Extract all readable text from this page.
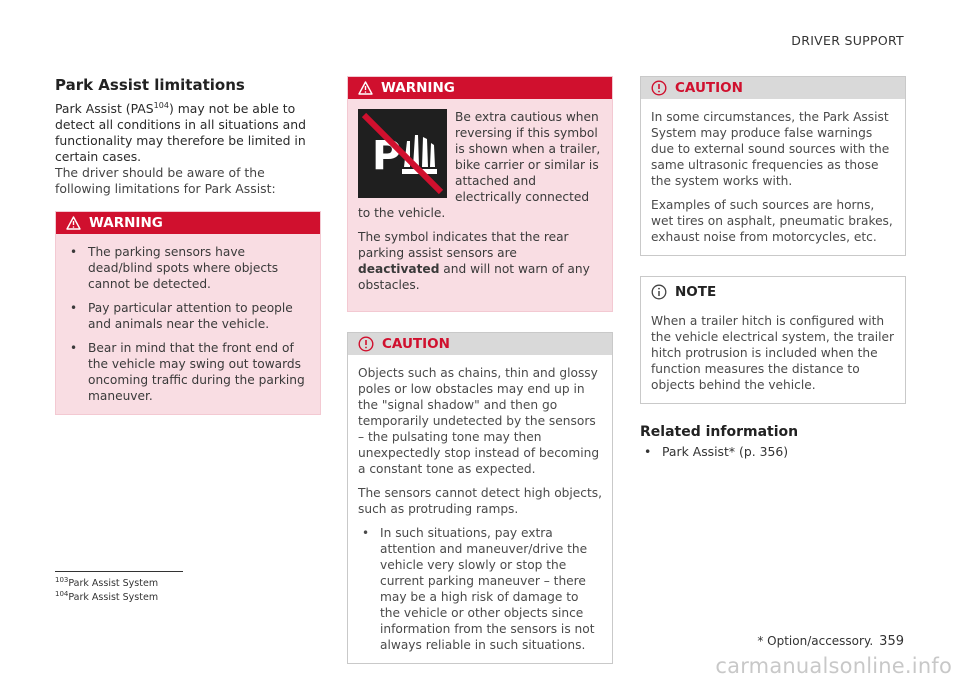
DRIVER SUPPORT
Park Assist limitations

Park Assist (PAS$^{104}$) may not be able to detect all conditions in all situations and functionality may therefore be limited in certain cases.

The driver should be aware of the following limitations for Park Assist:

WARNING
• The parking sensors have dead/blind spots where objects cannot be detected.
• Pay particular attention to people and animals near the vehicle.
• Bear in mind that the front end of the vehicle may swing out towards oncoming traffic during the parking maneuver.
WARNING
P

Be extra cautious when reversing if this symbol is shown when a trailer, bike carrier or similar is attached and electrically connected to the vehicle.

The symbol indicates that the rear parking assist sensors are deactivated and will not warn of any obstacles.

CAUTION

Objects such as chains, thin and glossy poles or low obstacles may end up in the "signal shadow" and then go temporarily undetected by the sensors – the pulsating tone may then unexpectedly stop instead of becoming a constant tone as expected.

The sensors cannot detect high objects, such as protruding ramps.

• In such situations, pay extra attention and maneuver/drive the vehicle very slowly or stop the current parking maneuver – there may be a high risk of damage to the vehicle or other objects since information from the sensors is not always reliable in such situations.
CAUTION

In some circumstances, the Park Assist System may produce false warnings due to external sound sources with the same ultrasonic frequencies as those the system works with.

Examples of such sources are horns, wet tires on asphalt, pneumatic brakes, exhaust noise from motorcycles, etc.

NOTE

When a trailer hitch is configured with the vehicle electrical system, the trailer hitch protrusion is included when the function measures the distance to objects behind the vehicle.

Related information
• Park Assist* (p. 356)
$^{103}$Park Assist System
$^{104}$Park Assist System
* Option/accessory. 359
carmanualsonline.info
